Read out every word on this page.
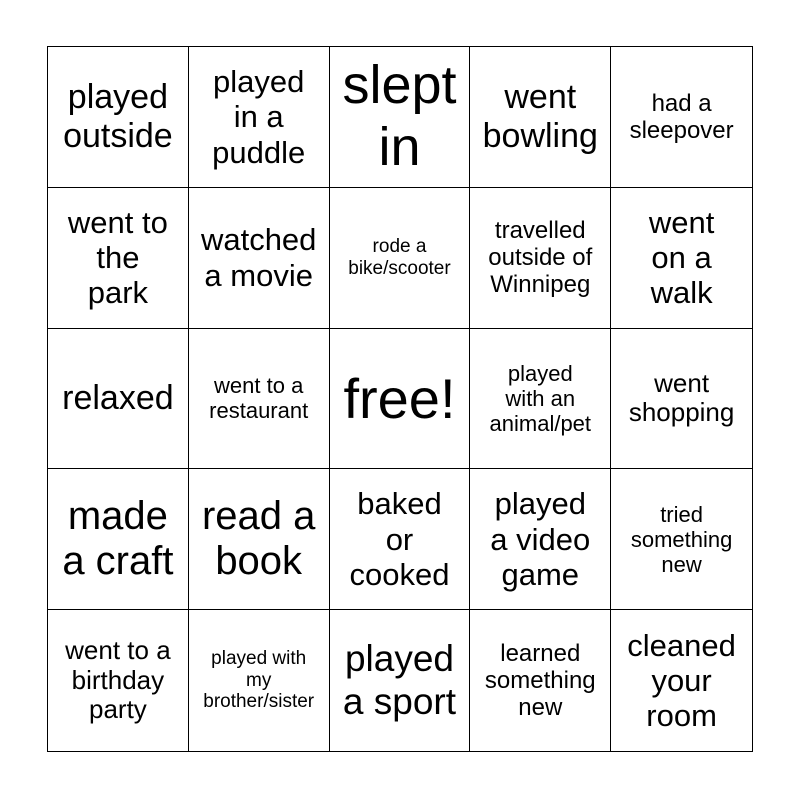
played
outside
played
in a
puddle
slept
in
went
bowling
had a
sleepover
went to
the
park
watched
a movie
rode a
bike/scooter
travelled
outside of
Winnipeg
went
on a
walk
relaxed went to a
restaurant free!	played
with an
animal/pet
went
shopping
made
a craft
read a
book
baked
or
cooked
played
a video
game
tried
something
new
went to a
birthday
party
played with
my
brother/sister
played
a sport
learned
something
new
cleaned
your
room
